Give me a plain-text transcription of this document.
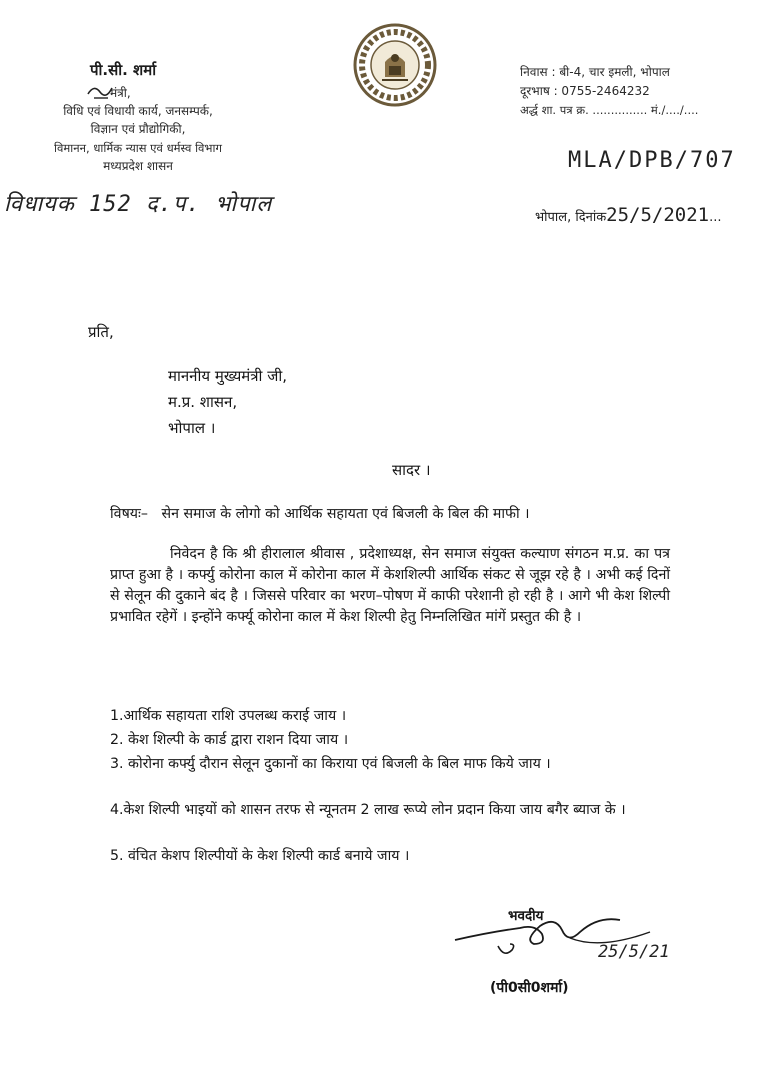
पी.सी. शर्मा
मंत्री,
विधि एवं विधायी कार्य, जनसम्पर्क,
विज्ञान एवं प्रौद्योगिकी,
विमानन, धार्मिक न्यास एवं धर्मस्व विभाग
मध्यप्रदेश शासन
निवास : बी-4, चार इमली, भोपाल
दूरभाष : 0755-2464232
अर्द्ध शा. पत्र क्र. ............... मं./..../....
MLA/DPB/707
विधायक 152 द.प. भोपाल
भोपाल, दिनांक25/5/2021...
प्रति,
माननीय मुख्यमंत्री जी,
म.प्र. शासन,
भोपाल ।
सादर ।
विषयः– सेन समाज के लोगो को आर्थिक सहायता एवं बिजली के बिल की माफी ।
निवेदन है कि श्री हीरालाल श्रीवास , प्रदेशाध्यक्ष, सेन समाज संयुक्त कल्याण संगठन म.प्र. का पत्र प्राप्त हुआ है । कर्फ्यु कोरोना काल में कोरोना काल में केशशिल्पी आर्थिक संकट से जूझ रहे है । अभी कई दिनों से सेलून की दुकाने बंद है । जिससे परिवार का भरण–पोषण में काफी परेशानी हो रही है । आगे भी केश शिल्पी प्रभावित रहेगें । इन्होंने कर्फ्यू कोरोना काल में केश शिल्पी हेतु निम्नलिखित मांगें प्रस्तुत की है ।
1.आर्थिक सहायता राशि उपलब्ध कराई जाय ।
2. केश शिल्पी के कार्ड द्वारा राशन दिया जाय ।
3. कोरोना कर्फ्यु दौरान सेलून दुकानों का किराया एवं बिजली के बिल माफ किये जाय ।
4.केश शिल्पी भाइयों को शासन तरफ से न्यूनतम 2 लाख रूप्ये लोन प्रदान किया जाय बगैर ब्याज के ।
5. वंचित केशप शिल्पीयों के केश शिल्पी कार्ड बनाये जाय ।
भवदीय
25/5/21
(पी0सी0शर्मा)
